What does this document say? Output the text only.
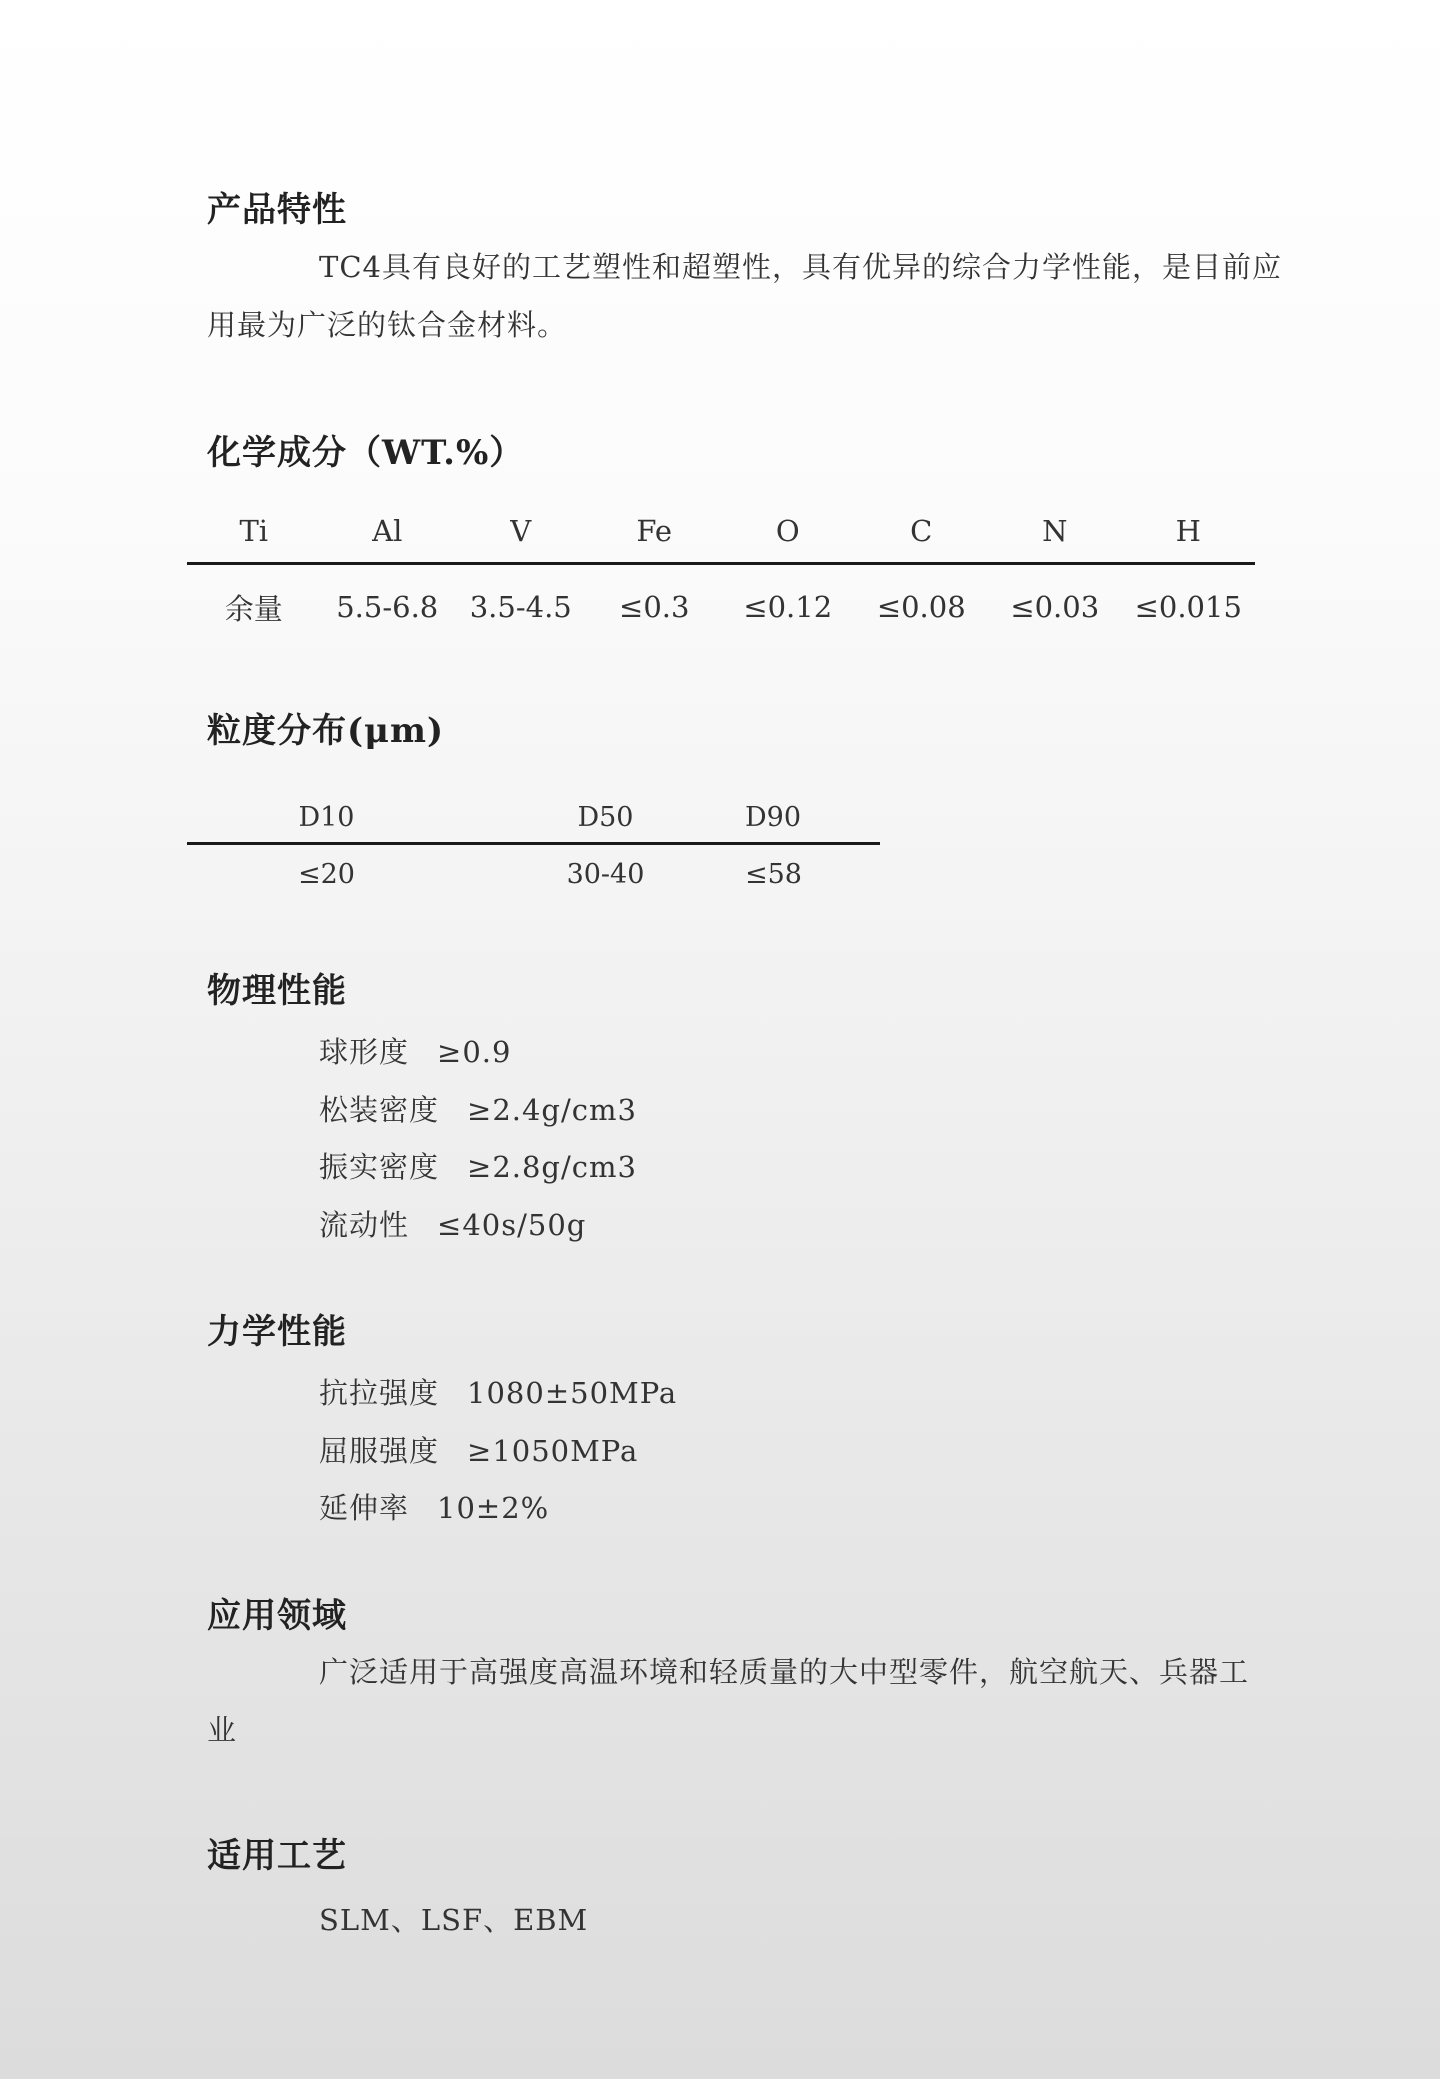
产品特性
TC4具有良好的工艺塑性和超塑性，具有优异的综合力学性能，是目前应用最为广泛的钛合金材料。
化学成分（WT.%）
Ti	Al	V	Fe	O	C	N	H
余量	5.5-6.8	3.5-4.5	≤0.3	≤0.12	≤0.08	≤0.03	≤0.015
粒度分布(μm)
D10	D50	D90
≤20	30-40	≤58
物理性能
球形度 ≥0.9
松装密度 ≥2.4g/cm3
振实密度 ≥2.8g/cm3
流动性 ≤40s/50g
力学性能
抗拉强度 1080±50MPa
屈服强度 ≥1050MPa
延伸率 10±2%
应用领域
广泛适用于高强度高温环境和轻质量的大中型零件，航空航天、兵器工业
适用工艺
SLM、LSF、EBM
